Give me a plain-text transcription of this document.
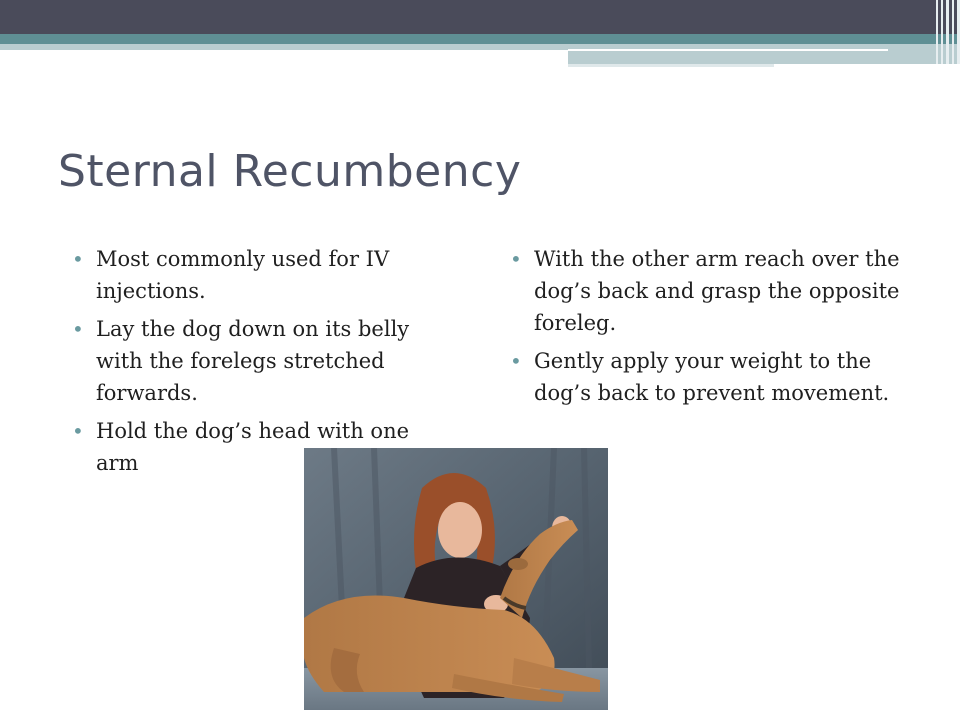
Sternal Recumbency
• Most commonly used for IV injections.
• Lay the dog down on its belly with the forelegs stretched forwards.
• Hold the dog’s head with one arm
• With the other arm reach over the dog’s back and grasp the opposite foreleg.
• Gently apply your weight to the dog’s back to prevent movement.
